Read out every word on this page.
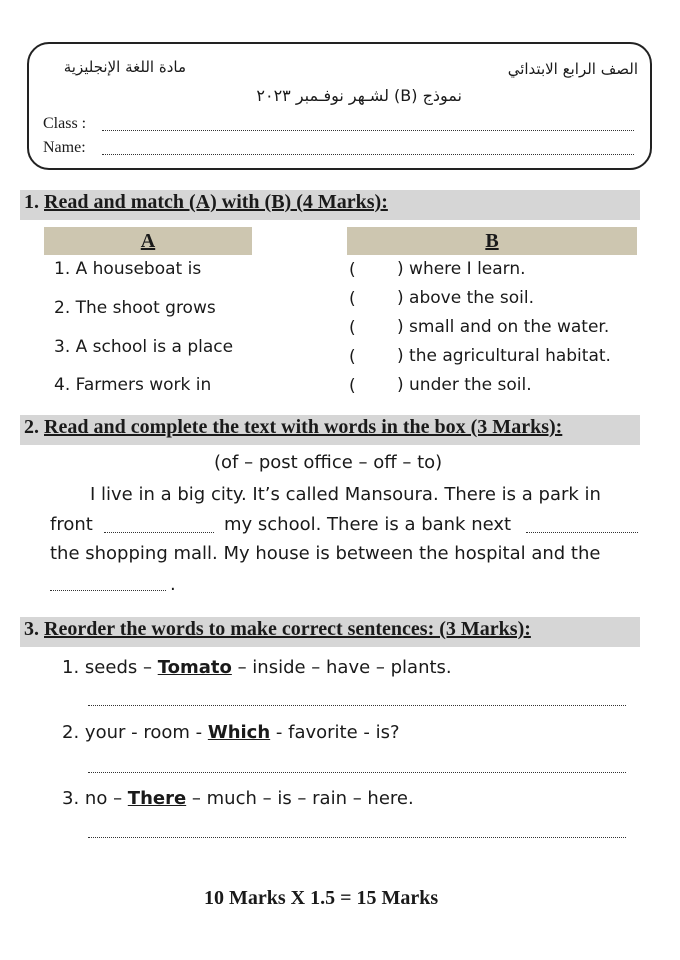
الصف الرابع الابتدائي
مادة اللغة الإنجليزية
نموذج (B) لشـهر نوفـمبر ٢٠٢٣
Class :
Name:
1. Read and match (A) with (B) (4 Marks):
A	B
1. A houseboat is
2. The shoot grows
3. A school is a place
4. Farmers work in
(
(
(
(
(
) where I learn.
) above the soil.
) small and on the water.
) the agricultural habitat.
) under the soil.
2. Read and complete the text with words in the box (3 Marks):
(of – post office – off – to)
I live in a big city. It’s called Mansoura. There is a park in
front	my school. There is a bank next
the shopping mall. My house is between the hospital and the
.
3. Reorder the words to make correct sentences: (3 Marks):
1. seeds – Tomato – inside – have – plants.
2. your - room - Which - favorite - is?
3. no – There – much – is – rain – here.
10 Marks X 1.5 = 15 Marks
